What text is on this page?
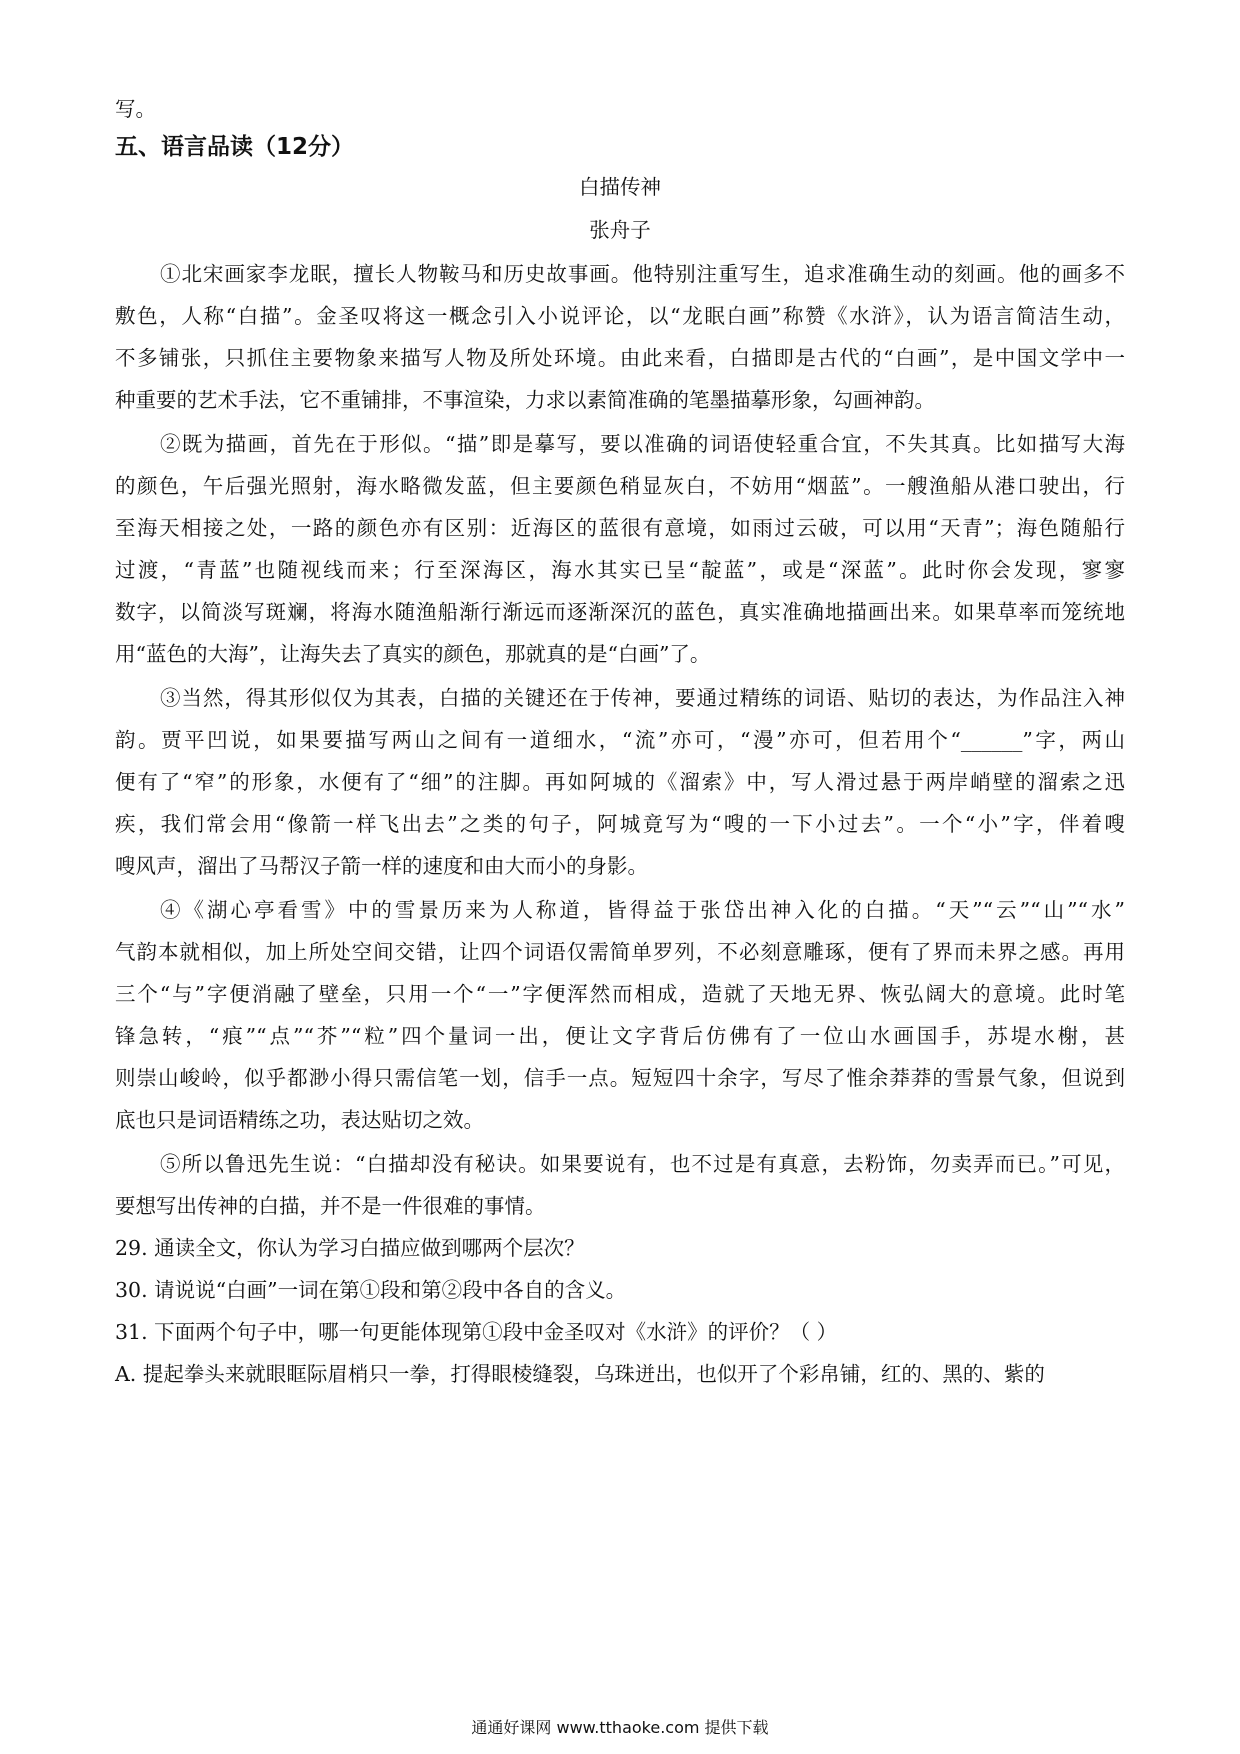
写。
五、语言品读（12分）
白描传神
张舟子
①北宋画家李龙眠，擅长人物鞍马和历史故事画。他特别注重写生，追求准确生动的刻画。他的画多不
敷色，人称“白描”。金圣叹将这一概念引入小说评论，以“龙眠白画”称赞《水浒》，认为语言简洁生动，
不多铺张，只抓住主要物象来描写人物及所处环境。由此来看，白描即是古代的“白画”，是中国文学中一
种重要的艺术手法，它不重铺排，不事渲染，力求以素简准确的笔墨描摹形象，勾画神韵。
②既为描画，首先在于形似。“描”即是摹写，要以准确的词语使轻重合宜，不失其真。比如描写大海
的颜色，午后强光照射，海水略微发蓝，但主要颜色稍显灰白，不妨用“烟蓝”。一艘渔船从港口驶出，行
至海天相接之处，一路的颜色亦有区别：近海区的蓝很有意境，如雨过云破，可以用“天青”；海色随船行
过渡，“青蓝”也随视线而来；行至深海区，海水其实已呈“靛蓝”，或是“深蓝”。此时你会发现，寥寥
数字，以简淡写斑斓，将海水随渔船渐行渐远而逐渐深沉的蓝色，真实准确地描画出来。如果草率而笼统地
用“蓝色的大海”，让海失去了真实的颜色，那就真的是“白画”了。
③当然，得其形似仅为其表，白描的关键还在于传神，要通过精练的词语、贴切的表达，为作品注入神
韵。贾平凹说，如果要描写两山之间有一道细水，“流”亦可，“漫”亦可，但若用个“______”字，两山
便有了“窄”的形象，水便有了“细”的注脚。再如阿城的《溜索》中，写人滑过悬于两岸峭壁的溜索之迅
疾，我们常会用“像箭一样飞出去”之类的句子，阿城竟写为“嗖的一下小过去”。一个“小”字，伴着嗖
嗖风声，溜出了马帮汉子箭一样的速度和由大而小的身影。
④《湖心亭看雪》中的雪景历来为人称道，皆得益于张岱出神入化的白描。“天”“云”“山”“水”
气韵本就相似，加上所处空间交错，让四个词语仅需简单罗列，不必刻意雕琢，便有了界而未界之感。再用
三个“与”字便消融了壁垒，只用一个“一”字便浑然而相成，造就了天地无界、恢弘阔大的意境。此时笔
锋急转，“痕”“点”“芥”“粒”四个量词一出，便让文字背后仿佛有了一位山水画国手，苏堤水榭，甚
则崇山峻岭，似乎都渺小得只需信笔一划，信手一点。短短四十余字，写尽了惟余莽莽的雪景气象，但说到
底也只是词语精练之功，表达贴切之效。
⑤所以鲁迅先生说：“白描却没有秘诀。如果要说有，也不过是有真意，去粉饰，勿卖弄而已。”可见，
要想写出传神的白描，并不是一件很难的事情。
29. 通读全文，你认为学习白描应做到哪两个层次？
30. 请说说“白画”一词在第①段和第②段中各自的含义。
31. 下面两个句子中，哪一句更能体现第①段中金圣叹对《水浒》的评价？（ ）
A. 提起拳头来就眼眶际眉梢只一拳，打得眼棱缝裂，乌珠迸出，也似开了个彩帛铺，红的、黑的、紫的
通通好课网 www.tthaoke.com 提供下载
